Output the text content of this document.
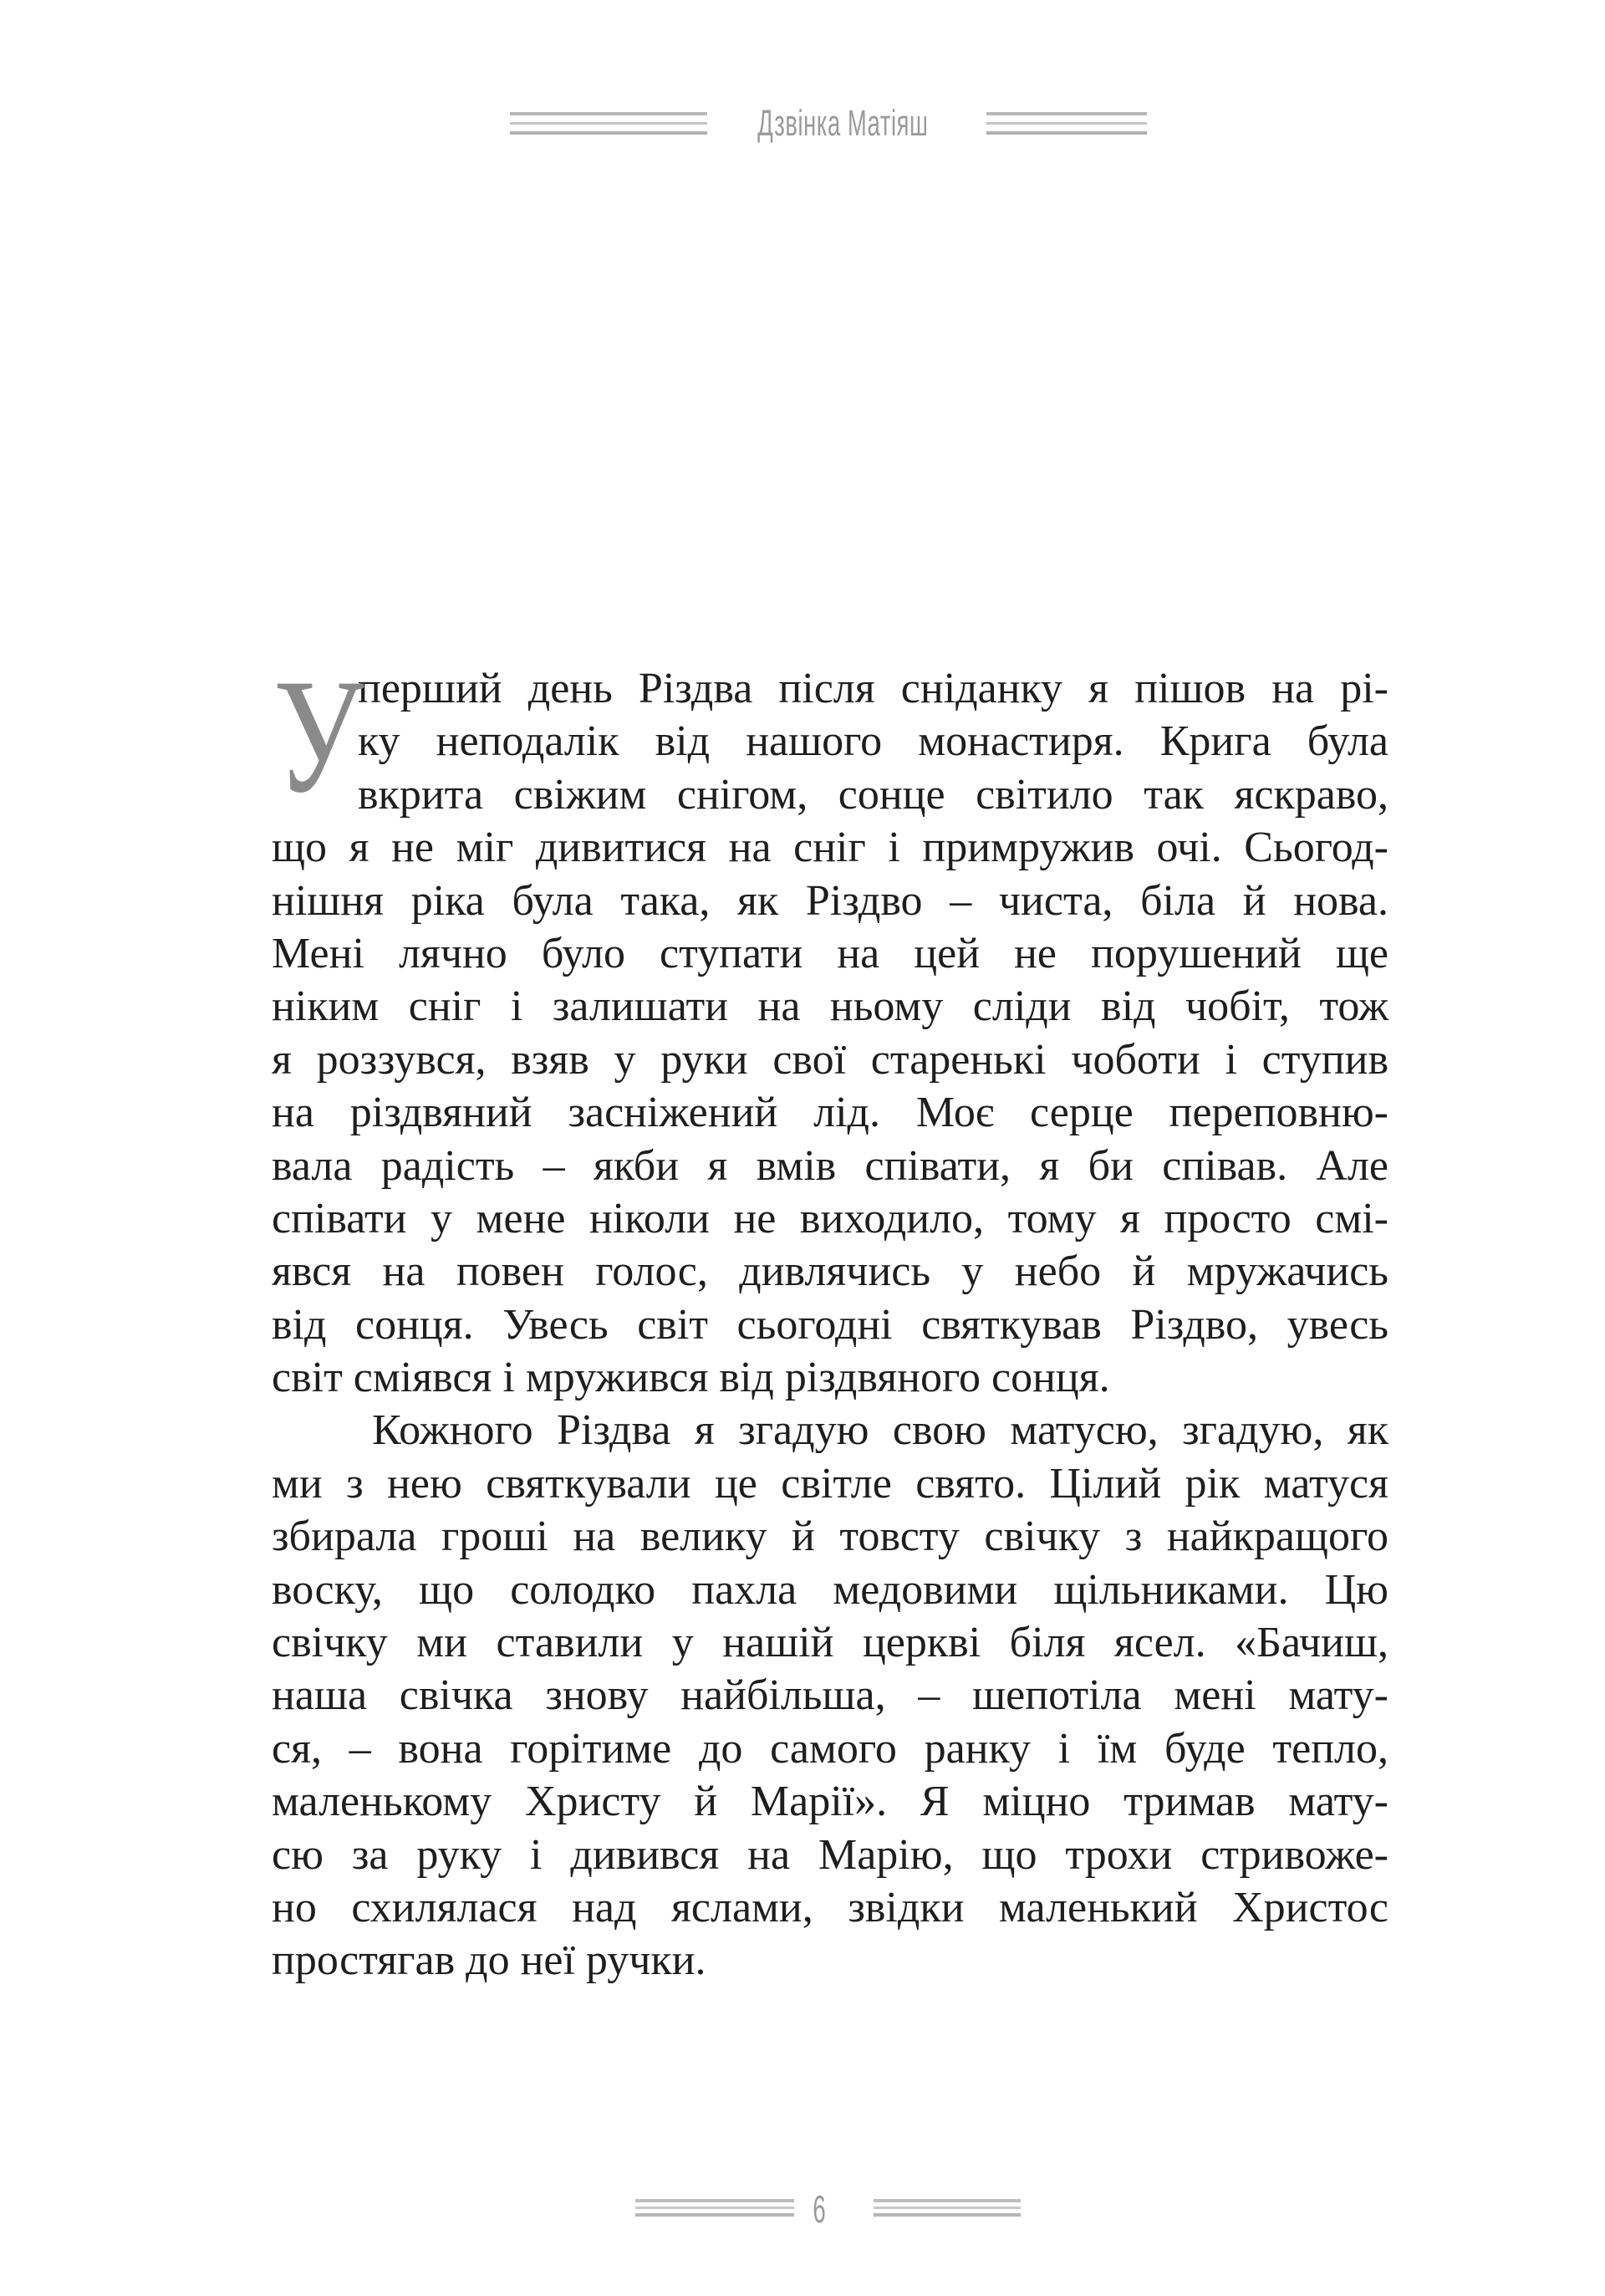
Дзвінка Матіяш
У
перший день Різдва після сніданку я пішов на рі-
ку неподалік від нашого монастиря. Крига була
вкрита свіжим снігом, сонце світило так яскраво,
що я не міг дивитися на сніг і примружив очі. Сьогод-
нішня ріка була така, як Різдво – чиста, біла й нова.
Мені лячно було ступати на цей не порушений ще
ніким сніг і залишати на ньому сліди від чобіт, тож
я роззувся, взяв у руки свої старенькі чоботи і ступив
на різдвяний засніжений лід. Моє серце переповню-
вала радість – якби я вмів співати, я би співав. Але
співати у мене ніколи не виходило, тому я просто смі-
явся на повен голос, дивлячись у небо й мружачись
від сонця. Увесь світ сьогодні святкував Різдво, увесь
світ сміявся і мружився від різдвяного сонця.
Кожного Різдва я згадую свою матусю, згадую, як
ми з нею святкували це світле свято. Цілий рік матуся
збирала гроші на велику й товсту свічку з найкращого
воску, що солодко пахла медовими щільниками. Цю
свічку ми ставили у нашій церкві біля ясел. «Бачиш,
наша свічка знову найбільша, – шепотіла мені мату-
ся, – вона горітиме до самого ранку і їм буде тепло,
маленькому Христу й Марії». Я міцно тримав мату-
сю за руку і дивився на Марію, що трохи стривоже-
но схилялася над яслами, звідки маленький Христос
простягав до неї ручки.
6
